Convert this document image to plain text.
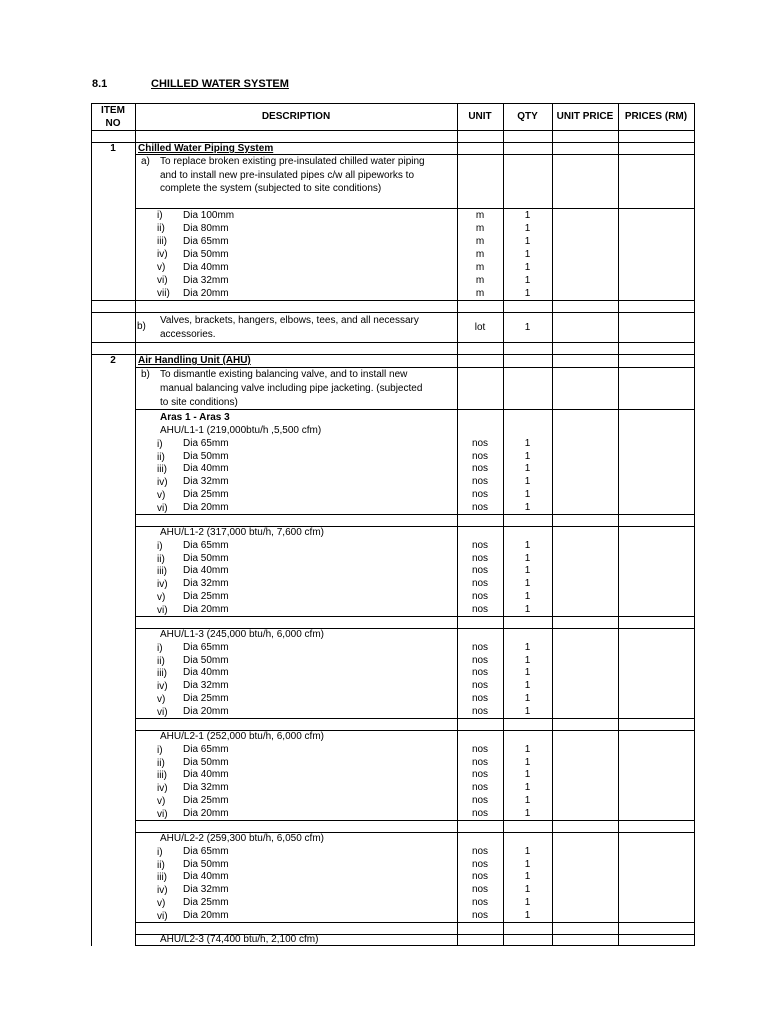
8.1	CHILLED WATER SYSTEM
ITEM
NO
DESCRIPTION	UNIT	QTY	UNIT PRICE	PRICES (RM)
1	Chilled Water Piping System
a) To replace broken existing pre-insulated chilled water piping
and to install new pre-insulated pipes c/w all pipeworks to
complete the system (subjected to site conditions)
i) Dia 100mm	m	1
ii) Dia 80mm	m	1
iii) Dia 65mm	m	1
iv) Dia 50mm	m	1
v) Dia 40mm	m	1
vi) Dia 32mm	m	1
vii) Dia 20mm	m	1
b)
Valves, brackets, hangers, elbows, tees, and all necessary
accessories.
lot	1
2	Air Handling Unit (AHU)
b) To dismantle existing balancing valve, and to install new
manual balancing valve including pipe jacketing. (subjected
to site conditions)
Aras 1 - Aras 3
AHU/L1-1 (219,000btu/h ,5,500 cfm)
i) Dia 65mm	nos	1
ii) Dia 50mm	nos	1
iii) Dia 40mm	nos	1
iv) Dia 32mm	nos	1
v) Dia 25mm	nos	1
vi) Dia 20mm	nos	1
AHU/L1-2 (317,000 btu/h, 7,600 cfm)
i) Dia 65mm	nos	1
ii) Dia 50mm	nos	1
iii) Dia 40mm	nos	1
iv) Dia 32mm	nos	1
v) Dia 25mm	nos	1
vi) Dia 20mm	nos	1
AHU/L1-3 (245,000 btu/h, 6,000 cfm)
i) Dia 65mm	nos	1
ii) Dia 50mm	nos	1
iii) Dia 40mm	nos	1
iv) Dia 32mm	nos	1
v) Dia 25mm	nos	1
vi) Dia 20mm	nos	1
AHU/L2-1 (252,000 btu/h, 6,000 cfm)
i) Dia 65mm	nos	1
ii) Dia 50mm	nos	1
iii) Dia 40mm	nos	1
iv) Dia 32mm	nos	1
v) Dia 25mm	nos	1
vi) Dia 20mm	nos	1
AHU/L2-2 (259,300 btu/h, 6,050 cfm)
i) Dia 65mm	nos	1
ii) Dia 50mm	nos	1
iii) Dia 40mm	nos	1
iv) Dia 32mm	nos	1
v) Dia 25mm	nos	1
vi) Dia 20mm	nos	1
AHU/L2-3 (74,400 btu/h, 2,100 cfm)
